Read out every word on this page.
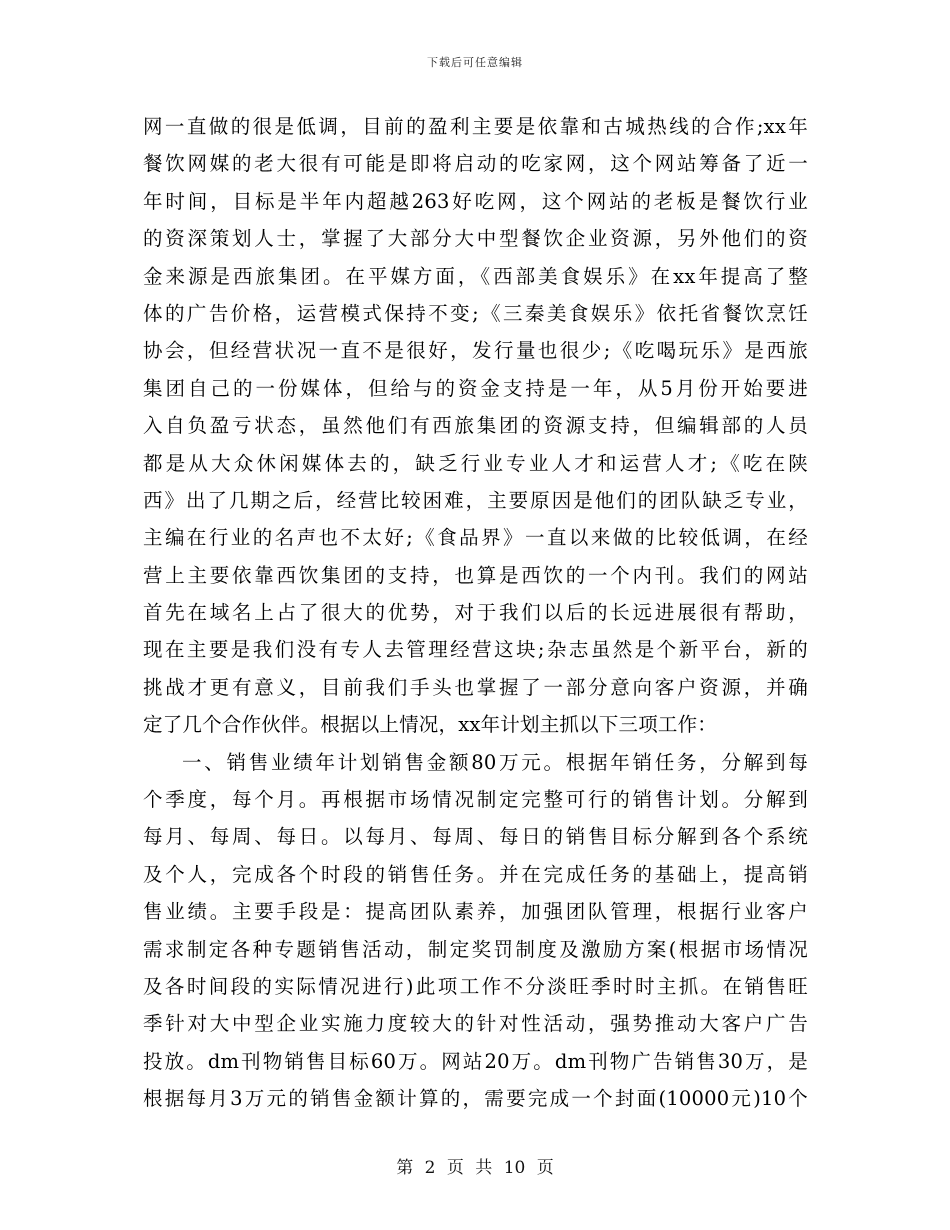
下载后可任意编辑
网一直做的很是低调，目前的盈利主要是依靠和古城热线的合作;xx年
餐饮网媒的老大很有可能是即将启动的吃家网，这个网站筹备了近一
年时间，目标是半年内超越263好吃网，这个网站的老板是餐饮行业
的资深策划人士，掌握了大部分大中型餐饮企业资源，另外他们的资
金来源是西旅集团。在平媒方面，《西部美食娱乐》在xx年提高了整
体的广告价格，运营模式保持不变;《三秦美食娱乐》依托省餐饮烹饪
协会，但经营状况一直不是很好，发行量也很少;《吃喝玩乐》是西旅
集团自己的一份媒体，但给与的资金支持是一年，从5月份开始要进
入自负盈亏状态，虽然他们有西旅集团的资源支持，但编辑部的人员
都是从大众休闲媒体去的，缺乏行业专业人才和运营人才;《吃在陕
西》出了几期之后，经营比较困难，主要原因是他们的团队缺乏专业，
主编在行业的名声也不太好;《食品界》一直以来做的比较低调，在经
营上主要依靠西饮集团的支持，也算是西饮的一个内刊。我们的网站
首先在域名上占了很大的优势，对于我们以后的长远进展很有帮助，
现在主要是我们没有专人去管理经营这块;杂志虽然是个新平台，新的
挑战才更有意义，目前我们手头也掌握了一部分意向客户资源，并确
定了几个合作伙伴。根据以上情况，xx年计划主抓以下三项工作：
一、销售业绩年计划销售金额80万元。根据年销任务，分解到每
个季度，每个月。再根据市场情况制定完整可行的销售计划。分解到
每月、每周、每日。以每月、每周、每日的销售目标分解到各个系统
及个人，完成各个时段的销售任务。并在完成任务的基础上，提高销
售业绩。主要手段是：提高团队素养，加强团队管理，根据行业客户
需求制定各种专题销售活动，制定奖罚制度及激励方案(根据市场情况
及各时间段的实际情况进行)此项工作不分淡旺季时时主抓。在销售旺
季针对大中型企业实施力度较大的针对性活动，强势推动大客户广告
投放。dm刊物销售目标60万。网站20万。dm刊物广告销售30万，是
根据每月3万元的销售金额计算的，需要完成一个封面(10000元)10个
第 2 页 共 10 页
